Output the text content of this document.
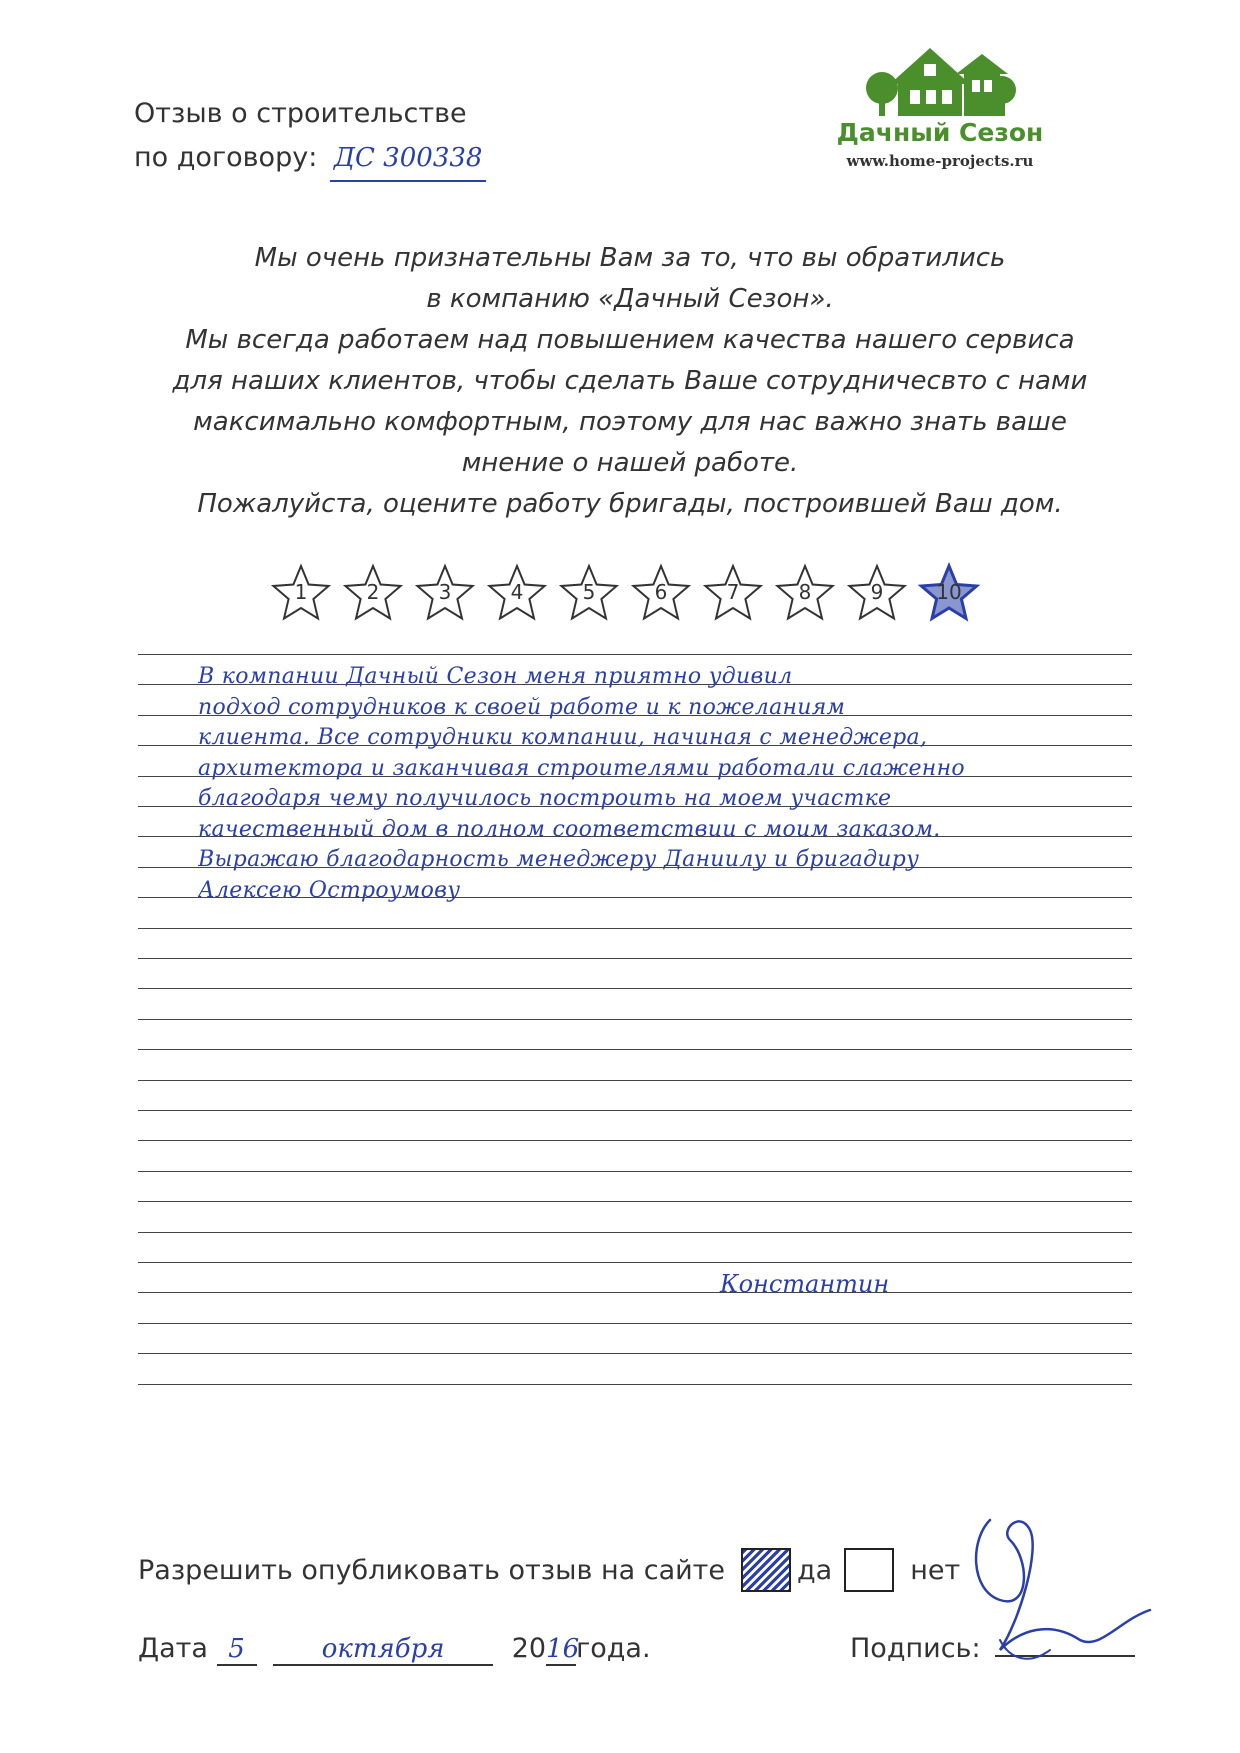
Отзыв о строительстве
по договору: ДС 300338
Дачный Сезон
www.home-projects.ru

Мы очень признательны Вам за то, что вы обратились

в компанию «Дачный Сезон».

Мы всегда работаем над повышением качества нашего сервиса

для наших клиентов, чтобы сделать Ваше сотрудничесвто с нами

максимально комфортным, поэтому для нас важно знать ваше

мнение о нашей работе.

Пожалуйста, оцените работу бригады, построившей Ваш дом.

1	2	3	4	5	6	7	8	9	10
В компании Дачный Сезон меня приятно удивил
подход сотрудников к своей работе и к пожеланиям
клиента. Все сотрудники компании, начиная с менеджера,
архитектора и заканчивая строителями работали слаженно
благодаря чему получилось построить на моем участке
качественный дом в полном соответствии с моим заказом.
Выражаю благодарность менеджеру Даниилу и бригадиру
Алексею Остроумову
Константин
Разрешить опубликовать отзыв на сайте	да	нет
Дата 5	октября 2016года.	Подпись:
